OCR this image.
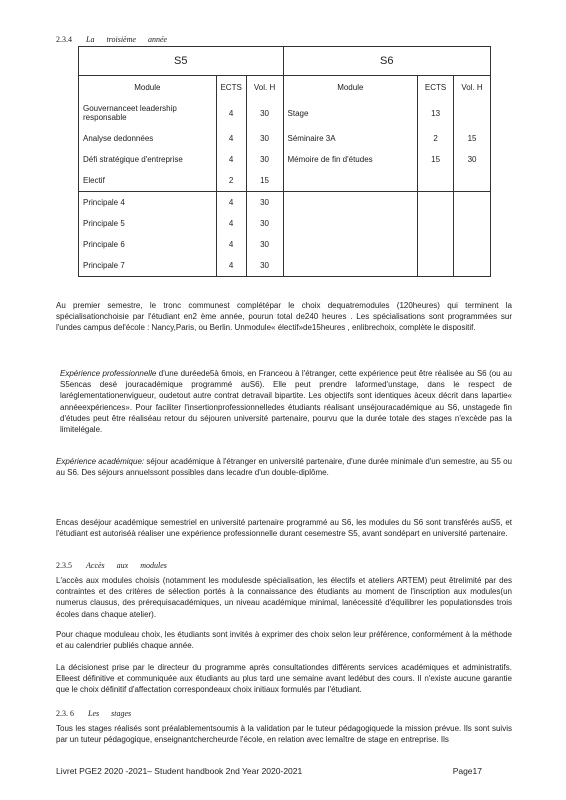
2.3.4 La troisième année
S5			S6		
Module	ECTS	Vol. H	Module	ECTS	Vol. H
Gouvernanceet leadership responsable	4	30	Stage	13	
Analyse dedonnées	4	30	Séminaire 3A	2	15
Défi stratégique d'entreprise	4	30	Mémoire de fin d'études	15	30
Electif	2	15			
Principale 4	4	30			
Principale 5	4	30			
Principale 6	4	30			
Principale 7	4	30			

Au premier semestre, le tronc communest complétépar le choix dequatremodules (120heures) qui terminent la spécialisationchoisie par l'étudiant en2 ème année, pourun total de240 heures . Les spécialisations sont programmées sur l'undes campus del'école : Nancy,Paris, ou Berlin. Unmodule« électif»de15heures , enlibrechoix, complète le dispositif.

Expérience professionnelle d'une duréede5à 6mois, en Franceou à l'étranger, cette expérience peut être réalisée au S6 (ou au S5encas desé jouracadémique programmé auS6). Elle peut prendre laformed'unstage, dans le respect de laréglementationenvigueur, oudetout autre contrat detravail bipartite. Les objectifs sont identiques àceux décrit dans lapartie« annéeexpériences». Pour faciliter l'insertionprofessionnelledes étudiants réalisant unséjouracadémique au S6, unstagede fin d'études peut être réaliséau retour du séjouren université partenaire, pourvu que la durée totale des stages n'excède pas la limitelégale.

Expérience académique: séjour académique à l'étranger en université partenaire, d'une durée minimale d'un semestre, au S5 ou au S6. Des séjours annuelssont possibles dans lecadre d'un double-diplôme.

Encas deséjour académique semestriel en université partenaire programmé au S6, les modules du S6 sont transférés auS5, et l'étudiant est autoriséà réaliser une expérience professionnelle durant cesemestre S5, avant sondépart en université partenaire.

2.3.5 Accès aux modules

L'accès aux modules choisis (notamment les modulesde spécialisation, les électifs et ateliers ARTEM) peut êtrelimité par des contraintes et des critères de sélection portés à la connaissance des étudiants au moment de l'inscription aux modules(un numerus clausus, des prérequisacadémiques, un niveau académique minimal, lanécessité d'équilibrer les populationsdes trois écoles dans chaque atelier).

Pour chaque moduleau choix, les étudiants sont invités à exprimer des choix selon leur préférence, conformément à la méthode et au calendrier publiés chaque année.

La décisionest prise par le directeur du programme après consultationdes différents services académiques et administratifs. Elleest définitive et communiquée aux étudiants au plus tard une semaine avant ledébut des cours. Il n'existe aucune garantie que le choix définitif d'affectation correspondeaux choix initiaux formulés par l'étudiant.

2.3. 6 Les stages

Tous les stages réalisés sont préalablementsoumis à la validation par le tuteur pédagogiquede la mission prévue. Ils sont suivis par un tuteur pédagogique, enseignantchercheurde l'école, en relation avec lemaître de stage en entreprise. Ils

Livret PGE2 2020 -2021– Student handbook 2nd Year 2020-2021	Page17
